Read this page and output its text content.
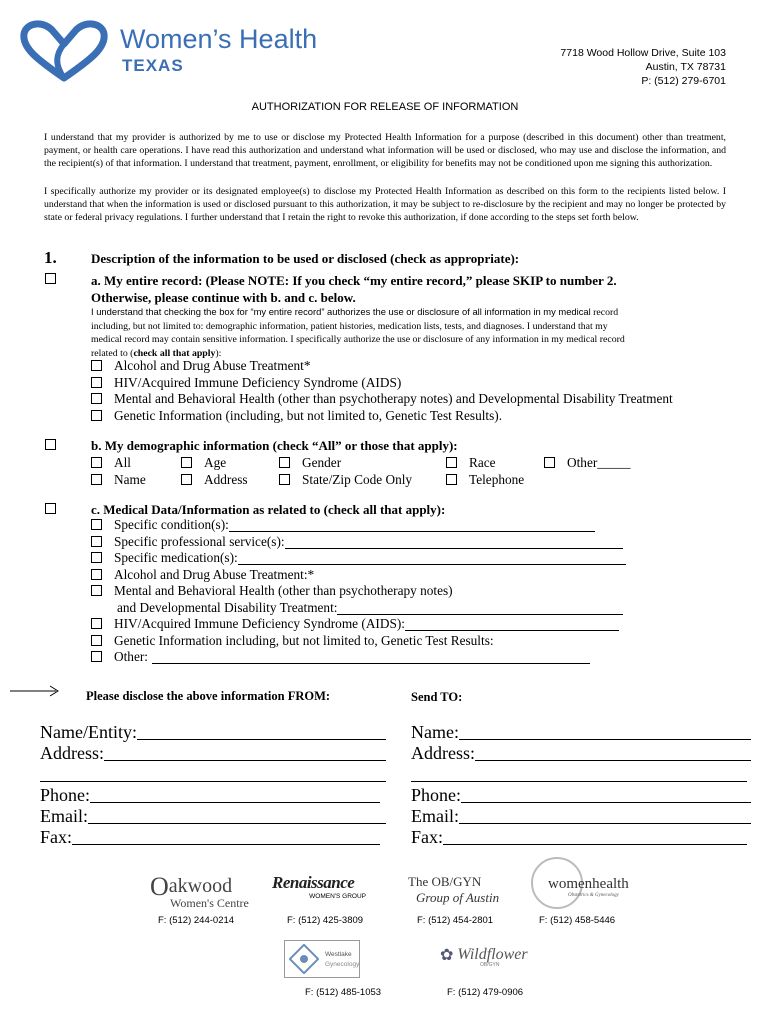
Women’s Health
TEXAS
7718 Wood Hollow Drive, Suite 103
Austin, TX 78731
P: (512) 279-6701
AUTHORIZATION FOR RELEASE OF INFORMATION
I understand that my provider is authorized by me to use or disclose my Protected Health Information for a purpose (described in this document) other than treatment, payment, or health care operations. I have read this authorization and understand what information will be used or disclosed, who may use and disclose the information, and the recipient(s) of that information. I understand that treatment, payment, enrollment, or eligibility for benefits may not be conditioned upon me signing this authorization.
I specifically authorize my provider or its designated employee(s) to disclose my Protected Health Information as described on this form to the recipients listed below. I understand that when the information is used or disclosed pursuant to this authorization, it may be subject to re-disclosure by the recipient and may no longer be protected by state or federal privacy regulations. I further understand that I retain the right to revoke this authorization, if done according to the steps set forth below.
1.	Description of the information to be used or disclosed (check as appropriate):
a. My entire record: (Please NOTE: If you check “my entire record,” please SKIP to number 2.
Otherwise, please continue with b. and c. below.
I understand that checking the box for “my entire record” authorizes the use or disclosure of all information in my medical record
including, but not limited to: demographic information, patient histories, medication lists, tests, and diagnoses. I understand that my
medical record may contain sensitive information. I specifically authorize the use or disclosure of any information in my medical record
related to (check all that apply):
Alcohol and Drug Abuse Treatment*
HIV/Acquired Immune Deficiency Syndrome (AIDS)
Mental and Behavioral Health (other than psychotherapy notes) and Developmental Disability Treatment
Genetic Information (including, but not limited to, Genetic Test Results).
b. My demographic information (check “All” or those that apply):
All
Name
Age
Address
Gender
State/Zip Code Only
Race
Telephone
Other_____
c. Medical Data/Information as related to (check all that apply):
Specific condition(s):
Specific professional service(s):
Specific medication(s):
Alcohol and Drug Abuse Treatment:*
Mental and Behavioral Health (other than psychotherapy notes)
and Developmental Disability Treatment:
HIV/Acquired Immune Deficiency Syndrome (AIDS):
Genetic Information including, but not limited to, Genetic Test Results:
Other:
Please disclose the above information FROM:	Send TO:
Name/Entity:
Address:
Phone:
Email:
Fax:
Name:
Address:
Phone:
Email:
Fax:
Oakwood
Women's Centre
F: (512) 244-0214
Renaissance
WOMEN'S GROUP
F: (512) 425-3809
The OB/GYN
Group of Austin
F: (512) 454-2801
womenhealth
Obstetrics & Gynecology
F: (512) 458-5446
Westlake
Gynecology
F: (512) 485-1053
✿ Wildflower
OB/GYN
F: (512) 479-0906
